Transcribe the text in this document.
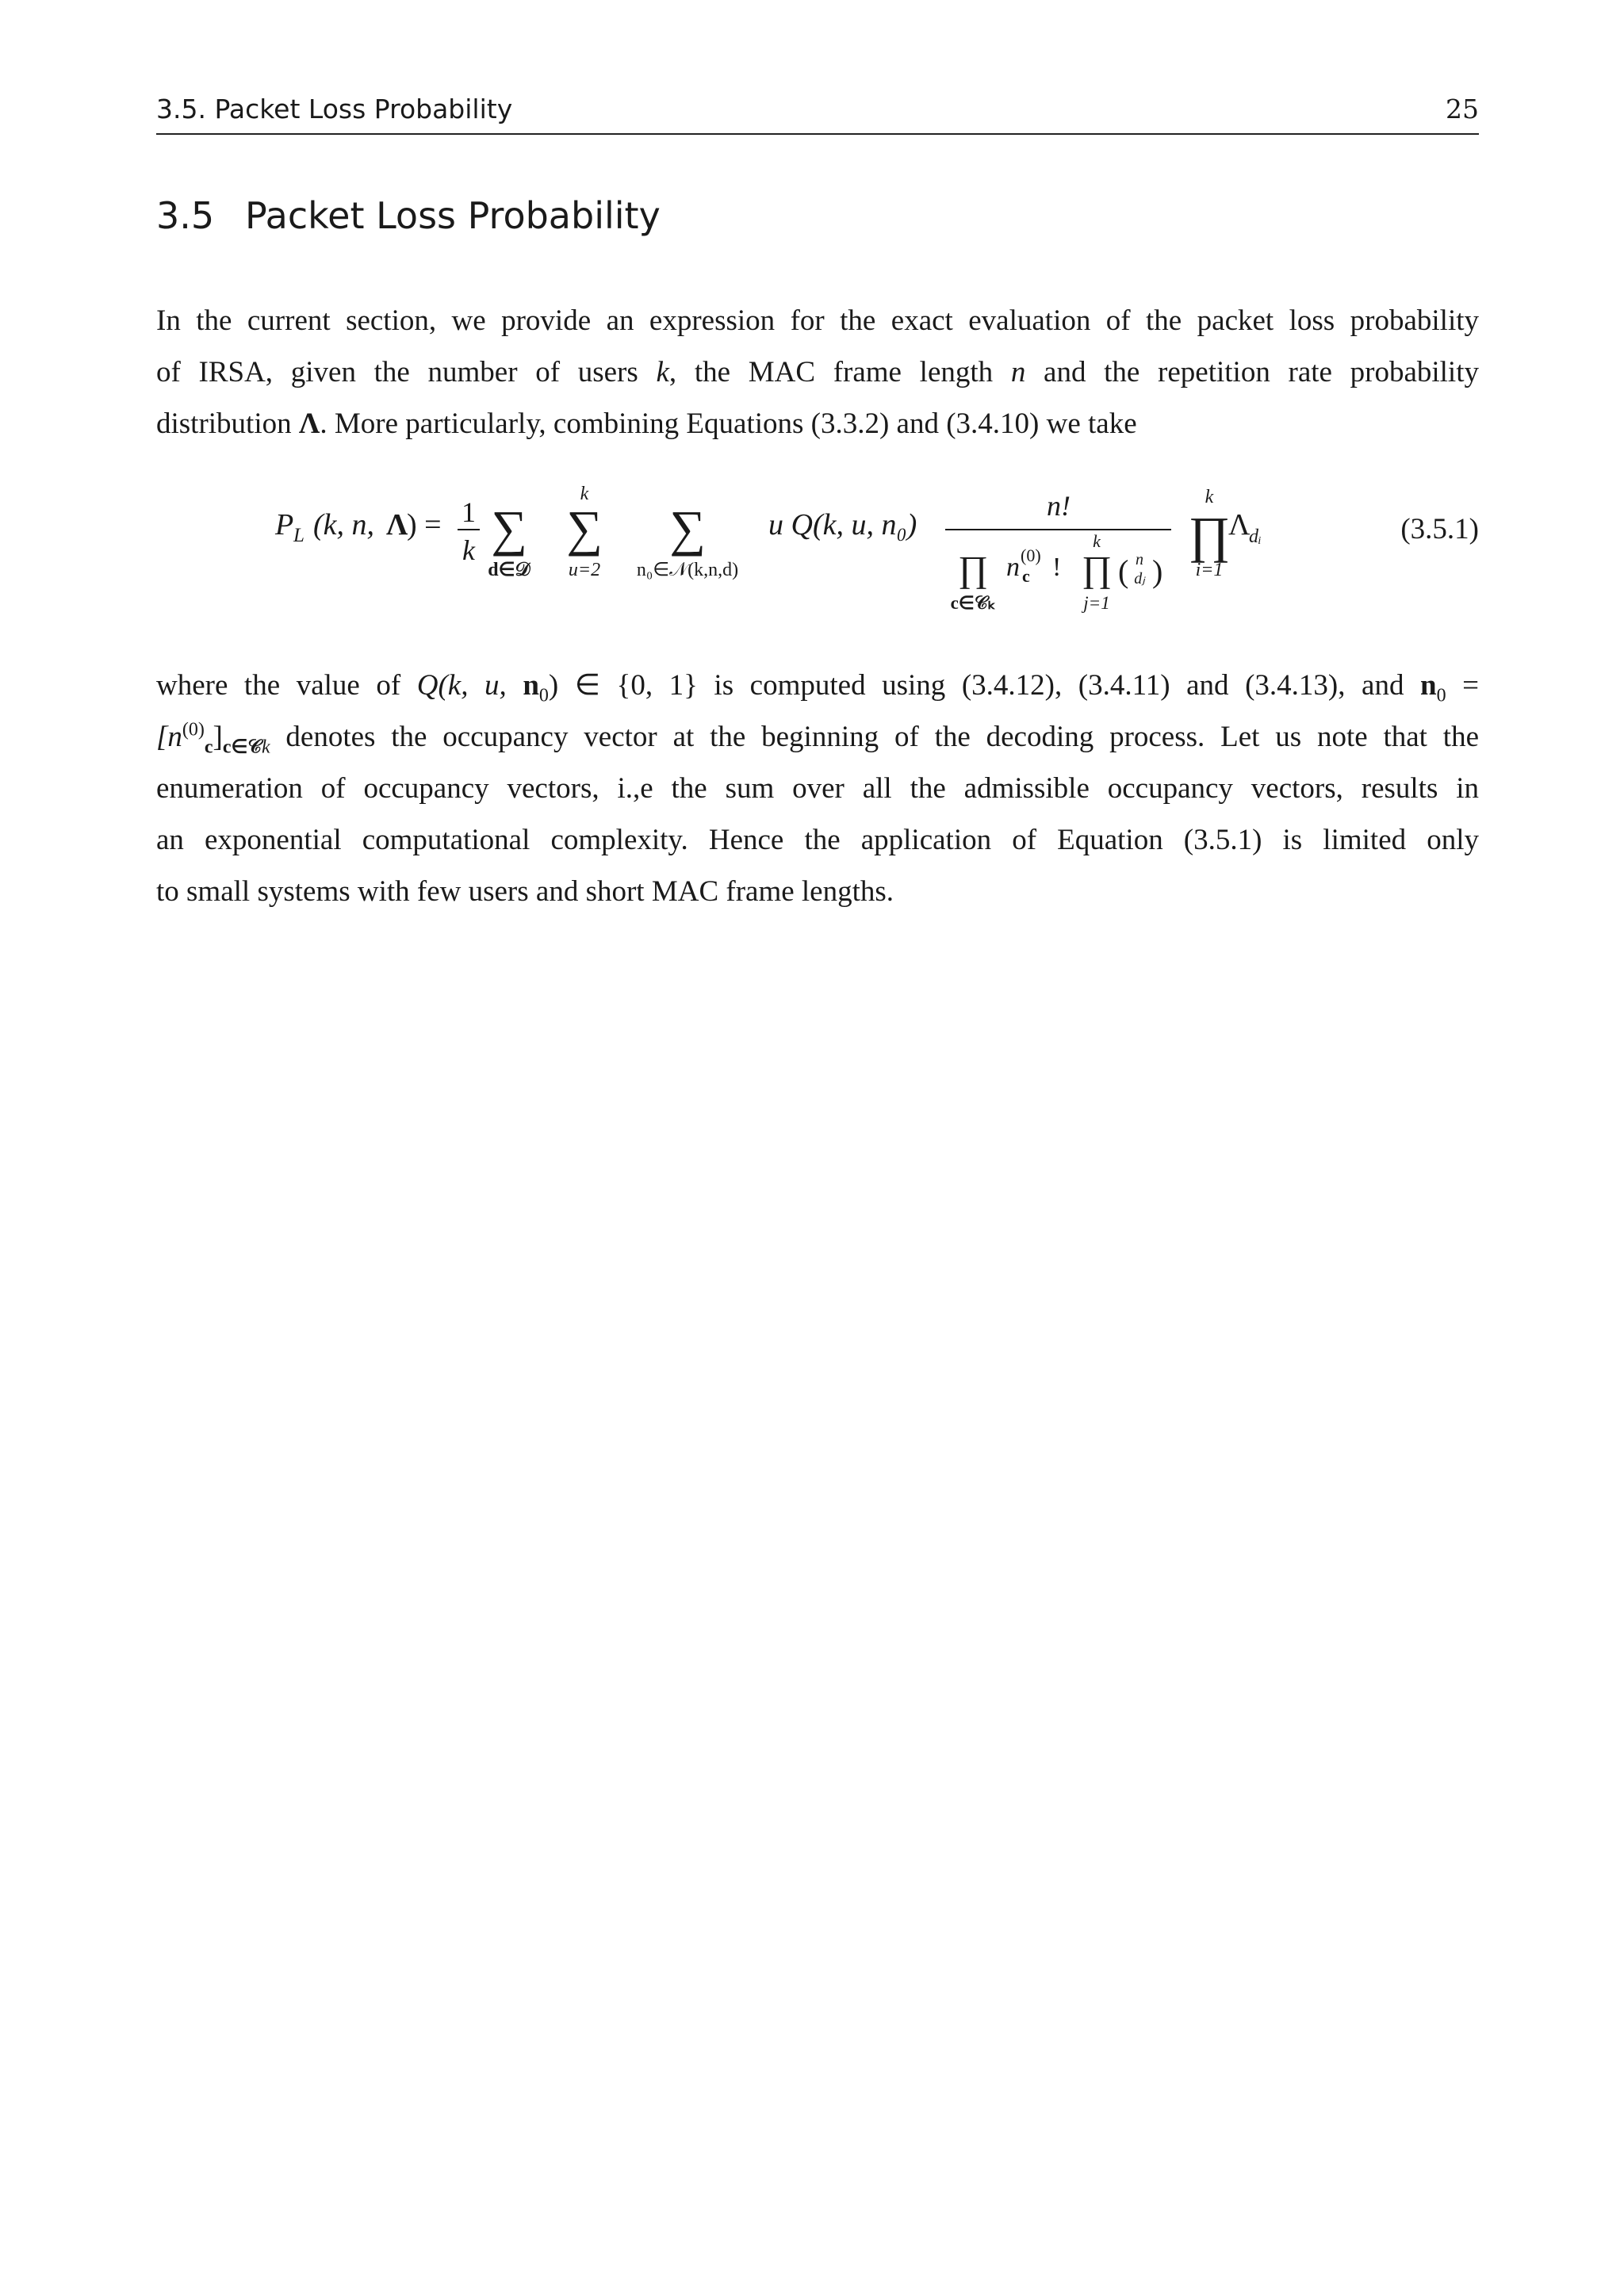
3.5. Packet Loss Probability	25
3.5 Packet Loss Probability

In the current section, we provide an expression for the exact evaluation of the packet loss probability
of IRSA, given the number of users k, the MAC frame length n and the repetition rate probability
distribution Λ. More particularly, combining Equations (3.3.2) and (3.4.10) we take

P L (k, n, Λ
) = 1
k ∑
d∈𝒟
k
∑
u=2
∑
n₀∈𝒩(k,n,d)
u Q(k, u, n₀)
n!
∏
c∈𝒞ₖ
n (0)
c !
k
∏
j=1
( n
dⱼ )
k
∏
i=1
Λ
dᵢ	(3.5.1)

where the value of Q(k, u, $n_0$) ∈ {0, 1} is computed using (3.4.12), (3.4.11) and (3.4.13), and $n_0$ =
$[n^{(0)}_c]_{c\in 𝒞k}$ denotes the occupancy vector at the beginning of the decoding process. Let us note that the
enumeration of occupancy vectors, i.,e the sum over all the admissible occupancy vectors, results in
an exponential computational complexity. Hence the application of Equation (3.5.1) is limited only
to small systems with few users and short MAC frame lengths.
